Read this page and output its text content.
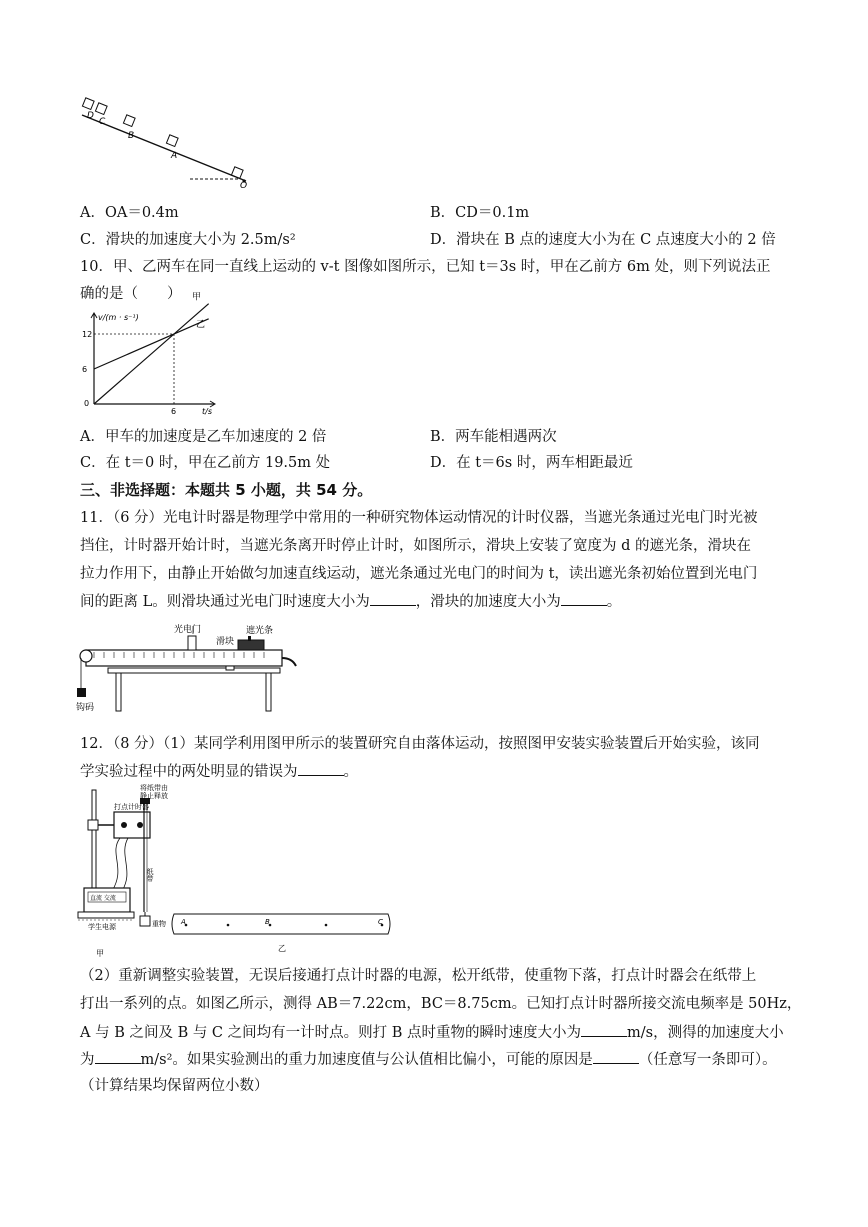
D
C
B
A
O
A．OA＝0.4m	B．CD＝0.1m
C．滑块的加速度大小为 2.5m/s²	D．滑块在 B 点的速度大小为在 C 点速度大小的 2 倍
10．甲、乙两车在同一直线上运动的 v-t 图像如图所示，已知 t＝3s 时，甲在乙前方 6m 处，则下列说法正
确的是（　　） 甲
乙
6
12
6
0
v/(m · s⁻¹)
t/s
A．甲车的加速度是乙车加速度的 2 倍	B．两车能相遇两次
C．在 t＝0 时，甲在乙前方 19.5m 处	D．在 t＝6s 时，两车相距最近
三、非选择题：本题共 5 小题，共 54 分。
11．（6 分）光电计时器是物理学中常用的一种研究物体运动情况的计时仪器，当遮光条通过光电门时光被
挡住，计时器开始计时，当遮光条离开时停止计时，如图所示，滑块上安装了宽度为 d 的遮光条，滑块在
拉力作用下，由静止开始做匀加速直线运动，遮光条通过光电门的时间为 t，读出遮光条初始位置到光电门
间的距离 L。则滑块通过光电门时速度大小为	，滑块的加速度大小为	。
光电门
滑块
遮光条
钩码
12．（8 分）（1）某同学利用图甲所示的装置研究自由落体运动，按照图甲安装实验装置后开始实验，该同
学实验过程中的两处明显的错误为	。
直流 交流
将纸带由
静止释放
打点计时器
纸带
学生电源	重物
甲
A	B	C
乙
（2）重新调整实验装置，无误后接通打点计时器的电源，松开纸带，使重物下落，打点计时器会在纸带上
打出一系列的点。如图乙所示，测得 AB＝7.22cm，BC＝8.75cm。已知打点计时器所接交流电频率是 50Hz，
A 与 B 之间及 B 与 C 之间均有一计时点。则打 B 点时重物的瞬时速度大小为	m/s，测得的加速度大小
为	m/s²。如果实验测出的重力加速度值与公认值相比偏小，可能的原因是	（任意写一条即可）。
（计算结果均保留两位小数）
